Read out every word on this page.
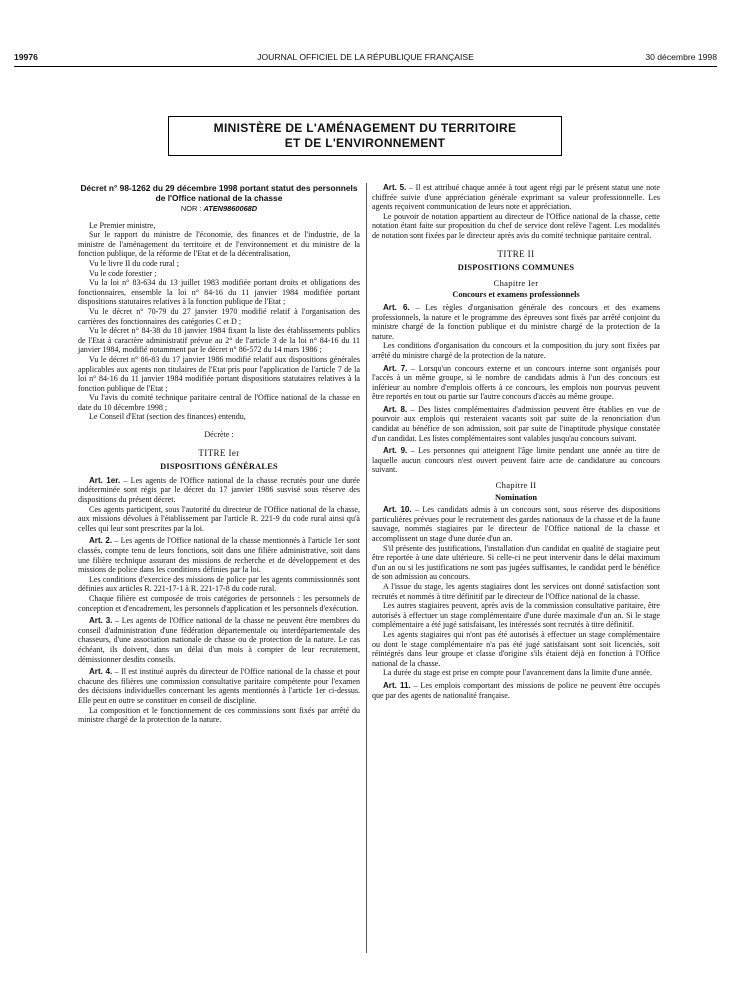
19976	JOURNAL OFFICIEL DE LA RÉPUBLIQUE FRANÇAISE	30 décembre 1998
MINISTÈRE DE L'AMÉNAGEMENT DU TERRITOIRE
ET DE L'ENVIRONNEMENT
Décret n° 98-1262 du 29 décembre 1998 portant statut des personnels de l'Office national de la chasse
NOR : ATEN9860068D

Le Premier ministre,

Sur le rapport du ministre de l'économie, des finances et de l'industrie, de la ministre de l'aménagement du territoire et de l'environnement et du ministre de la fonction publique, de la réforme de l'Etat et de la décentralisation,

Vu le livre II du code rural ;

Vu le code forestier ;

Vu la loi n° 83-634 du 13 juillet 1983 modifiée portant droits et obligations des fonctionnaires, ensemble la loi n° 84-16 du 11 janvier 1984 modifiée portant dispositions statutaires relatives à la fonction publique de l'Etat ;

Vu le décret n° 70-79 du 27 janvier 1970 modifié relatif à l'organisation des carrières des fonctionnaires des catégories C et D ;

Vu le décret n° 84-38 du 18 janvier 1984 fixant la liste des établissements publics de l'Etat à caractère administratif prévue au 2° de l'article 3 de la loi n° 84-16 du 11 janvier 1984, modifié notamment par le décret n° 86-572 du 14 mars 1986 ;

Vu le décret n° 86-83 du 17 janvier 1986 modifié relatif aux dispositions générales applicables aux agents non titulaires de l'Etat pris pour l'application de l'article 7 de la loi n° 84-16 du 11 janvier 1984 modifiée portant dispositions statutaires relatives à la fonction publique de l'Etat ;

Vu l'avis du comité technique paritaire central de l'Office national de la chasse en date du 10 décembre 1998 ;

Le Conseil d'Etat (section des finances) entendu,

Décrète :
TITRE Ier
DISPOSITIONS GÉNÉRALES

Art. 1er. – Les agents de l'Office national de la chasse recrutés pour une durée indéterminée sont régis par le décret du 17 janvier 1986 susvisé sous réserve des dispositions du présent décret.

Ces agents participent, sous l'autorité du directeur de l'Office national de la chasse, aux missions dévolues à l'établissement par l'article R. 221-9 du code rural ainsi qu'à celles qui leur sont prescrites par la loi.

Art. 2. – Les agents de l'Office national de la chasse mentionnés à l'article 1er sont classés, compte tenu de leurs fonctions, soit dans une filière administrative, soit dans une filière technique assurant des missions de recherche et de développement et des missions de police dans les conditions définies par la loi.

Les conditions d'exercice des missions de police par les agents commissionnés sont définies aux articles R. 221-17-1 à R. 221-17-8 du code rural.

Chaque filière est composée de trois catégories de personnels : les personnels de conception et d'encadrement, les personnels d'application et les personnels d'exécution.

Art. 3. – Les agents de l'Office national de la chasse ne peuvent être membres du conseil d'administration d'une fédération départementale ou interdépartementale des chasseurs, d'une association nationale de chasse ou de protection de la nature. Le cas échéant, ils doivent, dans un délai d'un mois à compter de leur recrutement, démissionner desdits conseils.

Art. 4. – Il est institué auprès du directeur de l'Office national de la chasse et pour chacune des filières une commission consultative paritaire compétente pour l'examen des décisions individuelles concernant les agents mentionnés à l'article 1er ci-dessus. Elle peut en outre se constituer en conseil de discipline.

La composition et le fonctionnement de ces commissions sont fixés par arrêté du ministre chargé de la protection de la nature.

Art. 5. – Il est attribué chaque année à tout agent régi par le présent statut une note chiffrée suivie d'une appréciation générale exprimant sa valeur professionnelle. Les agents reçoivent communication de leurs note et appréciation.

Le pouvoir de notation appartient au directeur de l'Office national de la chasse, cette notation étant faite sur proposition du chef de service dont relève l'agent. Les modalités de notation sont fixées par le directeur après avis du comité technique paritaire central.

TITRE II
DISPOSITIONS COMMUNES
Chapitre Ier
Concours et examens professionnels

Art. 6. – Les règles d'organisation générale des concours et des examens professionnels, la nature et le programme des épreuves sont fixés par arrêté conjoint du ministre chargé de la fonction publique et du ministre chargé de la protection de la nature.

Les conditions d'organisation du concours et la composition du jury sont fixées par arrêté du ministre chargé de la protection de la nature.

Art. 7. – Lorsqu'un concours externe et un concours interne sont organisés pour l'accès à un même groupe, si le nombre de candidats admis à l'un des concours est inférieur au nombre d'emplois offerts à ce concours, les emplois non pourvus peuvent être reportés en tout ou partie sur l'autre concours d'accès au même groupe.

Art. 8. – Des listes complémentaires d'admission peuvent être établies en vue de pourvoir aux emplois qui resteraient vacants soit par suite de la renonciation d'un candidat au bénéfice de son admission, soit par suite de l'inaptitude physique constatée d'un candidat. Les listes complémentaires sont valables jusqu'au concours suivant.

Art. 9. – Les personnes qui atteignent l'âge limite pendant une année au titre de laquelle aucun concours n'est ouvert peuvent faire acte de candidature au concours suivant.

Chapitre II
Nomination

Art. 10. – Les candidats admis à un concours sont, sous réserve des dispositions particulières prévues pour le recrutement des gardes nationaux de la chasse et de la faune sauvage, nommés stagiaires par le directeur de l'Office national de la chasse et accomplissent un stage d'une durée d'un an.

S'il présente des justifications, l'installation d'un candidat en qualité de stagiaire peut être reportée à une date ultérieure. Si celle-ci ne peut intervenir dans le délai maximum d'un an ou si les justifications ne sont pas jugées suffisantes, le candidat perd le bénéfice de son admission au concours.

A l'issue du stage, les agents stagiaires dont les services ont donné satisfaction sont recrutés et nommés à titre définitif par le directeur de l'Office national de la chasse.

Les autres stagiaires peuvent, après avis de la commission consultative paritaire, être autorisés à effectuer un stage complémentaire d'une durée maximale d'un an. Si le stage complémentaire a été jugé satisfaisant, les intéressés sont recrutés à titre définitif.

Les agents stagiaires qui n'ont pas été autorisés à effectuer un stage complémentaire ou dont le stage complémentaire n'a pas été jugé satisfaisant sont soit licenciés, soit réintégrés dans leur groupe et classe d'origine s'ils étaient déjà en fonction à l'Office national de la chasse.

La durée du stage est prise en compte pour l'avancement dans la limite d'une année.

Art. 11. – Les emplois comportant des missions de police ne peuvent être occupés que par des agents de nationalité française.
